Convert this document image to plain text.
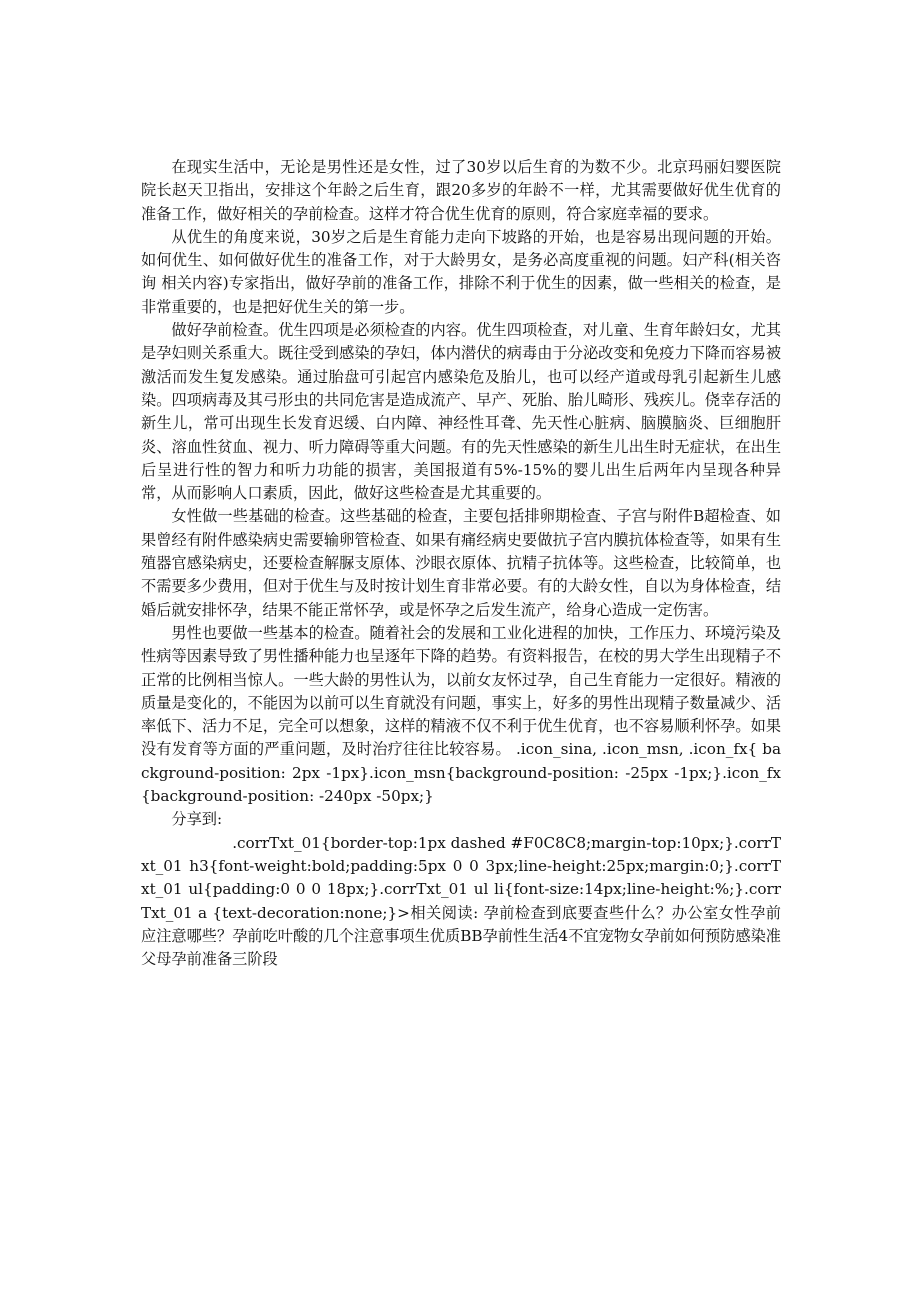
在现实生活中，无论是男性还是女性，过了30岁以后生育的为数不少。北京玛丽妇婴医院院长赵天卫指出，安排这个年龄之后生育，跟20多岁的年龄不一样，尤其需要做好优生优育的准备工作，做好相关的孕前检查。这样才符合优生优育的原则，符合家庭幸福的要求。

从优生的角度来说，30岁之后是生育能力走向下坡路的开始，也是容易出现问题的开始。如何优生、如何做好优生的准备工作，对于大龄男女，是务必高度重视的问题。妇产科(相关咨询 相关内容)专家指出，做好孕前的准备工作，排除不利于优生的因素，做一些相关的检查，是非常重要的，也是把好优生关的第一步。

做好孕前检查。优生四项是必须检查的内容。优生四项检查，对儿童、生育年龄妇女，尤其是孕妇则关系重大。既往受到感染的孕妇，体内潜伏的病毒由于分泌改变和免疫力下降而容易被激活而发生复发感染。通过胎盘可引起宫内感染危及胎儿，也可以经产道或母乳引起新生儿感染。四项病毒及其弓形虫的共同危害是造成流产、早产、死胎、胎儿畸形、残疾儿。侥幸存活的新生儿，常可出现生长发育迟缓、白内障、神经性耳聋、先天性心脏病、脑膜脑炎、巨细胞肝炎、溶血性贫血、视力、听力障碍等重大问题。有的先天性感染的新生儿出生时无症状，在出生后呈进行性的智力和听力功能的损害，美国报道有5%-15%的婴儿出生后两年内呈现各种异常，从而影响人口素质，因此，做好这些检查是尤其重要的。

女性做一些基础的检查。这些基础的检查，主要包括排卵期检查、子宫与附件B超检查、如果曾经有附件感染病史需要输卵管检查、如果有痛经病史要做抗子宫内膜抗体检查等，如果有生殖器官感染病史，还要检查解脲支原体、沙眼衣原体、抗精子抗体等。这些检查，比较简单，也不需要多少费用，但对于优生与及时按计划生育非常必要。有的大龄女性，自以为身体检查，结婚后就安排怀孕，结果不能正常怀孕，或是怀孕之后发生流产，给身心造成一定伤害。

男性也要做一些基本的检查。随着社会的发展和工业化进程的加快，工作压力、环境污染及性病等因素导致了男性播种能力也呈逐年下降的趋势。有资料报告，在校的男大学生出现精子不正常的比例相当惊人。一些大龄的男性认为，以前女友怀过孕，自己生育能力一定很好。精液的质量是变化的，不能因为以前可以生育就没有问题，事实上，好多的男性出现精子数量减少、活率低下、活力不足，完全可以想象，这样的精液不仅不利于优生优育，也不容易顺利怀孕。如果没有发育等方面的严重问题，及时治疗往往比较容易。 .icon_sina, .icon_msn, .icon_fx{ background-position: 2px -1px}.icon_msn{background-position: -25px -1px;}.icon_fx {background-position: -240px -50px;}

分享到:

.corrTxt_01{border-top:1px dashed #F0C8C8;margin-top:10px;}.corrTxt_01 h3{font-weight:bold;padding:5px 0 0 3px;line-height:25px;margin:0;}.corrTxt_01 ul{padding:0 0 0 18px;}.corrTxt_01 ul li{font-size:14px;line-height:%;}.corrTxt_01 a {text-decoration:none;}>相关阅读: 孕前检查到底要查些什么？办公室女性孕前应注意哪些？孕前吃叶酸的几个注意事项生优质BB孕前性生活4不宜宠物女孕前如何预防感染准父母孕前准备三阶段
